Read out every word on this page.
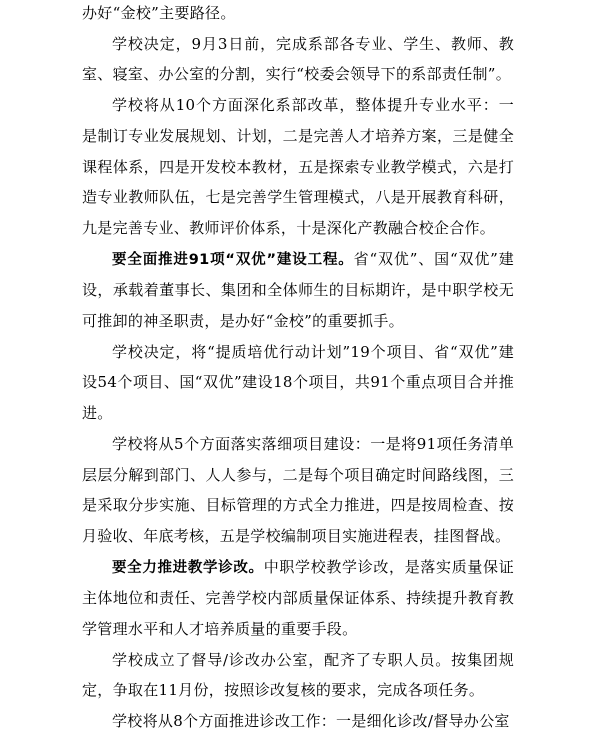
办好“金校”主要路径。

学校决定，9月3日前，完成系部各专业、学生、教师、教室、寝室、办公室的分割，实行“校委会领导下的系部责任制”。

学校将从10个方面深化系部改革，整体提升专业水平：一是制订专业发展规划、计划，二是完善人才培养方案，三是健全课程体系，四是开发校本教材，五是探索专业教学模式，六是打造专业教师队伍，七是完善学生管理模式，八是开展教育科研，九是完善专业、教师评价体系，十是深化产教融合校企合作。

要全面推进91项“双优”建设工程。省“双优”、国“双优”建设，承载着董事长、集团和全体师生的目标期许，是中职学校无可推卸的神圣职责，是办好“金校”的重要抓手。

学校决定，将“提质培优行动计划”19个项目、省“双优”建设54个项目、国“双优”建设18个项目，共91个重点项目合并推进。

学校将从5个方面落实落细项目建设：一是将91项任务清单层层分解到部门、人人参与，二是每个项目确定时间路线图，三是采取分步实施、目标管理的方式全力推进，四是按周检查、按月验收、年底考核，五是学校编制项目实施进程表，挂图督战。

要全力推进教学诊改。中职学校教学诊改，是落实质量保证主体地位和责任、完善学校内部质量保证体系、持续提升教育教学管理水平和人才培养质量的重要手段。

学校成立了督导/诊改办公室，配齐了专职人员。按集团规定，争取在11月份，按照诊改复核的要求，完成各项任务。

学校将从8个方面推进诊改工作：一是细化诊改/督导办公室
